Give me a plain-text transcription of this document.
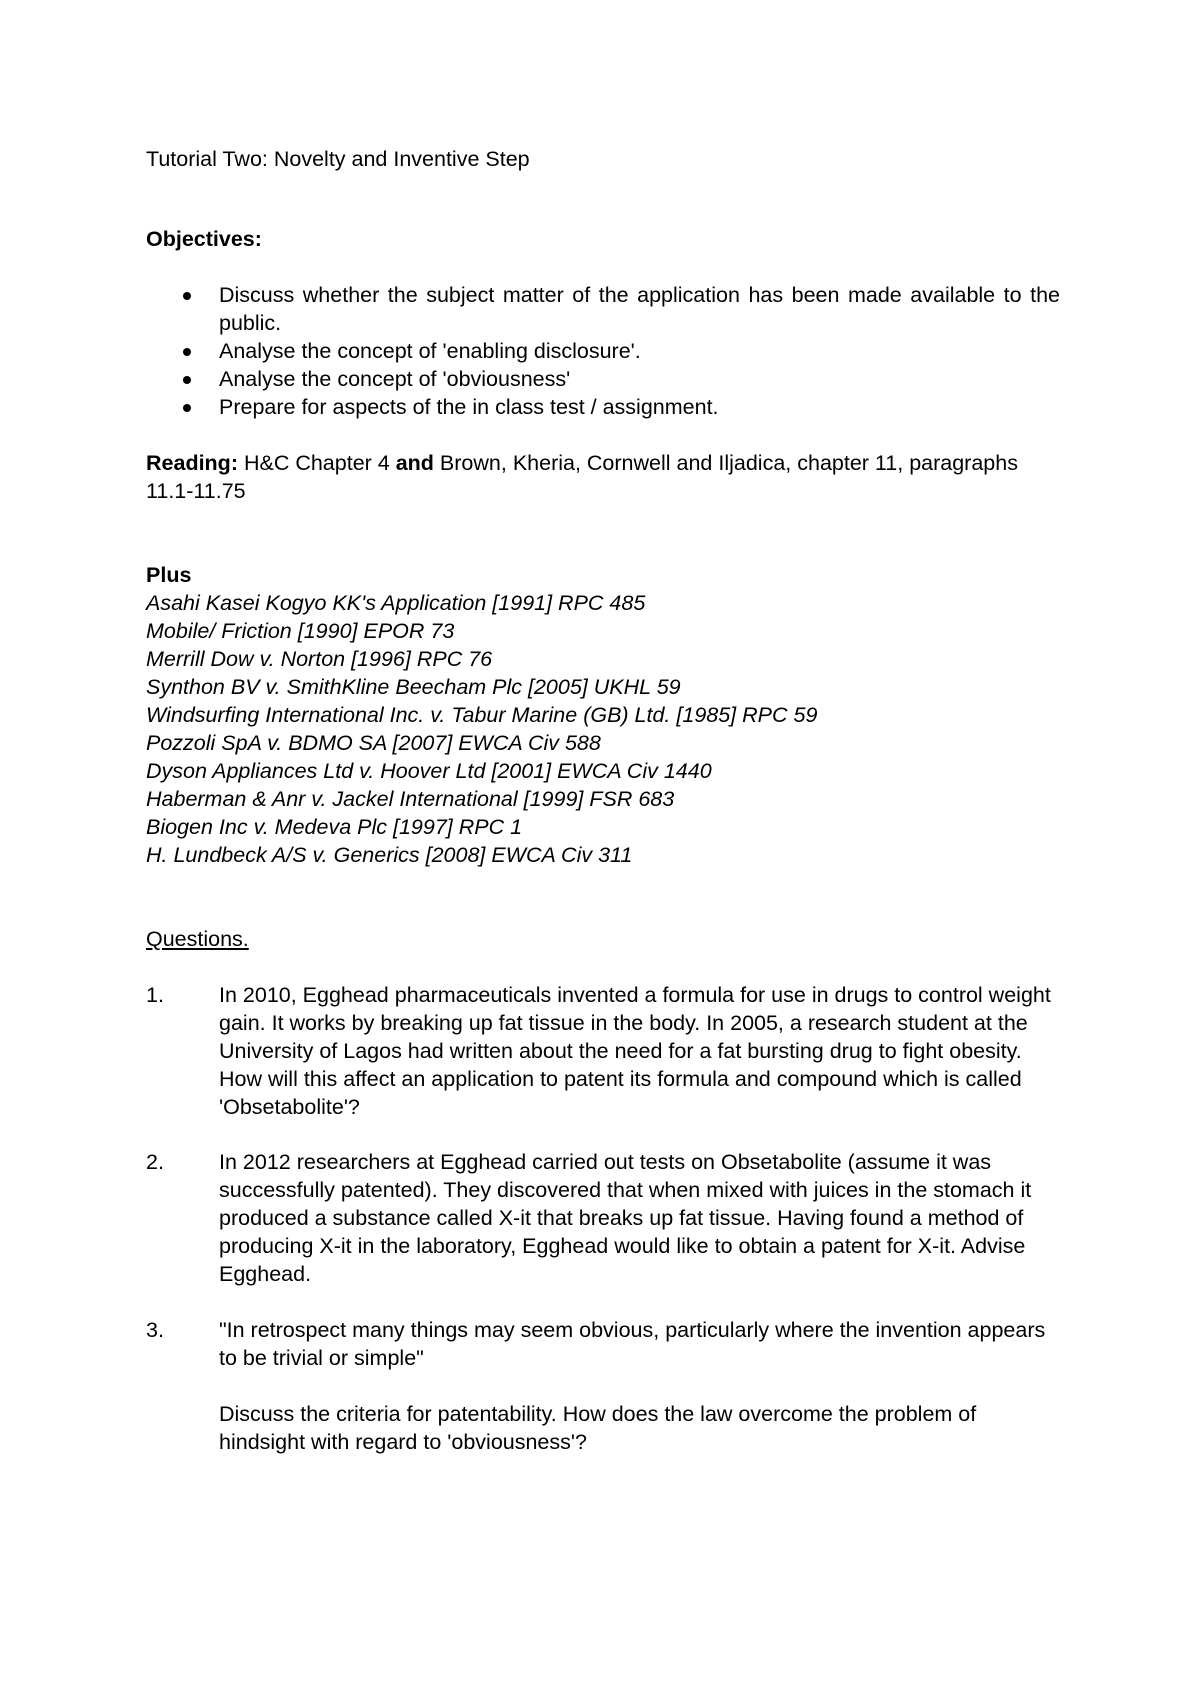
Tutorial Two: Novelty and Inventive Step
Objectives:
Discuss whether the subject matter of the application has been made available to the public.
Analyse the concept of 'enabling disclosure'.
Analyse the concept of 'obviousness'
Prepare for aspects of the in class test / assignment.
Reading: H&C Chapter 4 and Brown, Kheria, Cornwell and Iljadica, chapter 11, paragraphs 11.1-11.75
Plus
Asahi Kasei Kogyo KK's Application [1991] RPC 485
Mobile/ Friction [1990] EPOR 73
Merrill Dow v. Norton [1996] RPC 76
Synthon BV v. SmithKline Beecham Plc [2005] UKHL 59
Windsurfing International Inc. v. Tabur Marine (GB) Ltd. [1985] RPC 59
Pozzoli SpA v. BDMO SA [2007] EWCA Civ 588
Dyson Appliances Ltd v. Hoover Ltd [2001] EWCA Civ 1440
Haberman & Anr v. Jackel International [1999] FSR 683
Biogen Inc v. Medeva Plc [1997] RPC 1
H. Lundbeck A/S v. Generics [2008] EWCA Civ 311
Questions.
1.	In 2010, Egghead pharmaceuticals invented a formula for use in drugs to control weight gain. It works by breaking up fat tissue in the body. In 2005, a research student at the University of Lagos had written about the need for a fat bursting drug to fight obesity. How will this affect an application to patent its formula and compound which is called 'Obsetabolite'?

2.	In 2012 researchers at Egghead carried out tests on Obsetabolite (assume it was successfully patented). They discovered that when mixed with juices in the stomach it produced a substance called X-it that breaks up fat tissue. Having found a method of producing X-it in the laboratory, Egghead would like to obtain a patent for X-it. Advise Egghead.

3.	"In retrospect many things may seem obvious, particularly where the invention appears to be trivial or simple"

Discuss the criteria for patentability. How does the law overcome the problem of hindsight with regard to 'obviousness'?
